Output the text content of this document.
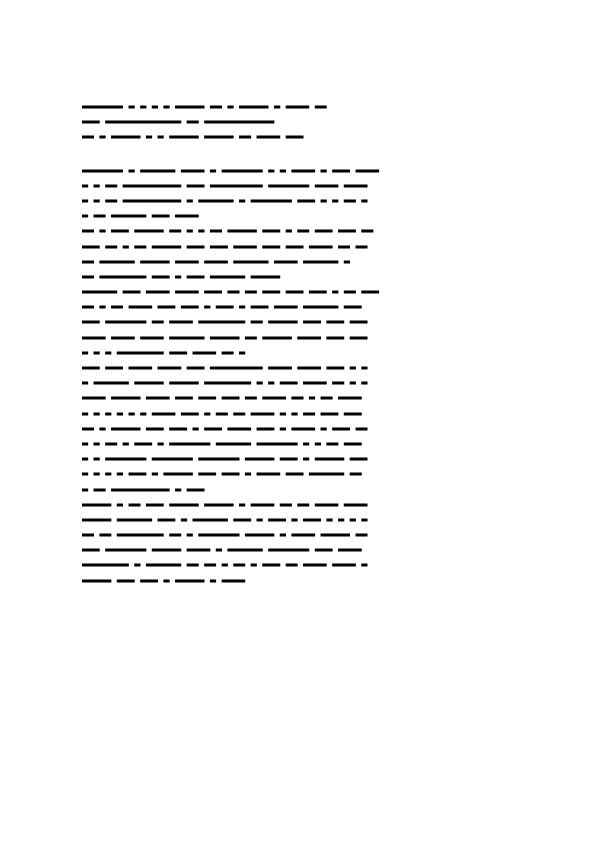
▂▂▂▂▂▂▂ ▂ ▂ ▂ ▂ ▂▂▂▂▂ ▂▂ ▂ ▂▂▂▂▂ ▂ ▂▂▂▂ ▂▂
▂▂▂ ▂▂▂▂▂▂▂▂▂▂▂▂▂ ▂▂ ▂▂▂▂▂▂▂▂▂▂▂▂
▂▂ ▂ ▂▂▂▂▂ ▂ ▂ ▂▂▂▂▂ ▂▂▂▂▂ ▂▂ ▂▂▂▂ ▂▂▂
▂▂▂▂▂▂▂ ▂ ▂▂▂▂▂▂ ▂▂▂▂ ▂ ▂▂▂▂▂▂▂ ▂ ▂ ▂▂▂▂ ▂ ▂▂▂ ▂▂▂▂
▂ ▂ ▂▂ ▂▂▂▂▂▂▂▂▂▂ ▂▂▂ ▂▂▂▂▂▂▂▂▂ ▂▂▂▂▂▂▂ ▂▂▂▂ ▂▂▂▂
▂ ▂ ▂▂ ▂▂▂▂▂▂▂▂▂▂ ▂ ▂▂▂▂▂▂ ▂ ▂▂▂▂▂▂▂ ▂▂▂ ▂ ▂ ▂▂ ▂
▂ ▂▂ ▂▂▂▂▂▂ ▂▂▂ ▂▂▂▂
▂▂ ▂ ▂▂▂ ▂▂▂▂▂ ▂▂ ▂ ▂ ▂▂ ▂▂▂▂▂ ▂▂▂ ▂ ▂▂ ▂▂▂ ▂▂▂ ▂▂
▂▂▂ ▂▂ ▂ ▂▂ ▂▂▂▂▂ ▂▂▂ ▂▂▂ ▂▂▂▂ ▂▂▂ ▂▂▂ ▂▂▂▂ ▂▂ ▂▂
▂▂ ▂▂▂▂▂▂ ▂▂▂▂▂ ▂▂▂▂ ▂▂▂▂ ▂▂▂▂▂▂ ▂▂▂▂ ▂▂▂▂▂▂ ▂
▂▂ ▂▂▂▂▂▂▂▂ ▂▂▂ ▂ ▂▂▂ ▂▂▂▂▂▂ ▂▂▂▂▂
▂▂▂▂▂▂ ▂▂▂ ▂▂▂▂ ▂▂▂▂ ▂▂▂ ▂▂ ▂▂ ▂▂▂ ▂▂▂ ▂▂▂ ▂ ▂▂ ▂▂▂
▂▂ ▂ ▂▂ ▂▂▂▂ ▂▂▂ ▂▂▂ ▂ ▂▂▂ ▂ ▂▂▂ ▂▂▂▂ ▂▂▂▂▂▂ ▂▂▂
▂▂▂ ▂▂▂▂▂▂▂ ▂▂ ▂▂▂▂ ▂▂▂▂▂▂▂▂ ▂▂ ▂▂▂▂▂ ▂▂▂ ▂▂▂ ▂▂▂
▂▂▂▂ ▂▂▂▂ ▂▂▂▂ ▂▂▂▂▂▂ ▂▂▂▂▂ ▂▂ ▂▂▂▂▂ ▂▂▂▂ ▂▂▂ ▂▂▂
▂ ▂ ▂ ▂▂▂▂▂▂▂▂ ▂▂▂ ▂▂▂▂ ▂▂ ▂
▂▂▂ ▂▂▂ ▂▂▂▂ ▂▂▂▂ ▂▂▂ ▂▂▂▂▂▂▂▂▂ ▂▂▂▂ ▂▂▂▂ ▂▂▂ ▂ ▂
▂ ▂▂▂▂▂▂ ▂▂▂▂▂ ▂▂▂▂▂ ▂▂▂▂▂▂▂▂ ▂ ▂ ▂▂▂ ▂▂▂▂ ▂▂ ▂ ▂
▂▂▂▂ ▂▂▂▂▂ ▂▂▂▂ ▂▂▂ ▂▂▂ ▂▂▂ ▂▂ ▂▂▂▂ ▂▂ ▂ ▂▂ ▂▂▂▂
▂ ▂ ▂ ▂ ▂ ▂ ▂▂▂▂ ▂▂▂ ▂ ▂▂ ▂▂ ▂▂▂▂ ▂ ▂ ▂▂ ▂▂▂ ▂▂▂
▂▂ ▂ ▂▂▂▂▂ ▂▂▂ ▂▂▂ ▂ ▂▂▂ ▂▂▂▂ ▂▂▂ ▂ ▂▂▂▂ ▂ ▂▂▂ ▂▂
▂ ▂ ▂▂ ▂ ▂▂▂ ▂ ▂▂▂▂▂▂▂ ▂▂▂▂▂▂ ▂▂▂▂▂▂▂ ▂ ▂ ▂▂ ▂▂▂
▂ ▂ ▂▂▂▂▂▂▂ ▂▂▂▂▂▂▂ ▂▂▂▂▂▂▂ ▂▂▂▂▂ ▂▂▂ ▂ ▂▂▂▂▂ ▂▂▂
▂ ▂ ▂ ▂ ▂▂▂ ▂ ▂▂▂▂▂ ▂▂▂ ▂▂▂ ▂ ▂▂▂▂ ▂▂▂ ▂▂▂▂▂▂ ▂▂
▂ ▂▂ ▂▂▂▂▂▂▂▂▂▂ ▂ ▂▂▂
▂▂▂▂▂ ▂ ▂▂ ▂▂▂ ▂▂▂▂▂ ▂▂▂▂▂ ▂ ▂▂▂▂ ▂▂ ▂▂ ▂▂▂▂ ▂▂▂▂
▂▂▂▂▂ ▂▂▂▂▂▂ ▂▂▂ ▂ ▂▂▂▂▂▂ ▂▂▂ ▂ ▂▂▂ ▂ ▂▂▂ ▂ ▂ ▂ ▂
▂▂ ▂▂ ▂▂▂▂▂▂▂▂ ▂▂ ▂ ▂▂▂▂▂▂▂ ▂▂▂▂▂ ▂ ▂▂▂▂ ▂▂▂▂▂ ▂▂
▂▂▂ ▂▂▂▂▂▂▂ ▂▂▂▂▂ ▂▂▂▂ ▂ ▂▂▂▂▂▂ ▂▂▂▂▂▂▂ ▂▂▂ ▂▂▂▂
▂▂▂▂▂▂▂▂ ▂ ▂▂▂▂▂▂ ▂▂ ▂▂ ▂ ▂▂ ▂ ▂▂▂ ▂▂ ▂▂▂▂ ▂▂▂▂ ▂
▂▂▂▂▂ ▂▂▂ ▂▂▂ ▂ ▂▂▂▂▂ ▂ ▂▂▂▂
